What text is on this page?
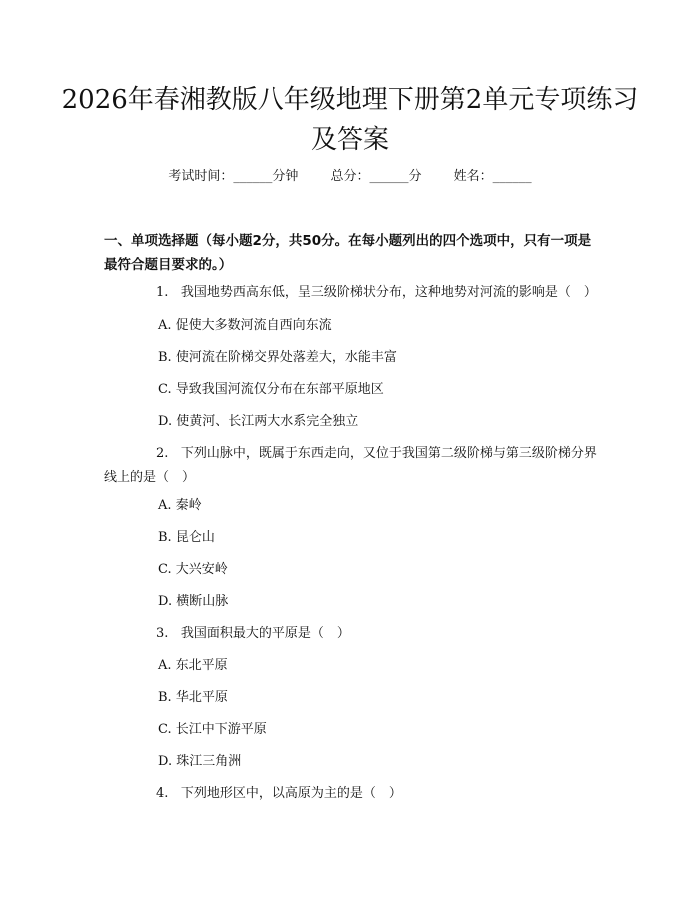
2026年春湘教版八年级地理下册第2单元专项练习及答案
考试时间：______分钟 总分：______分 姓名：______

一、单项选择题（每小题2分，共50分。在每小题列出的四个选项中，只有一项是最符合题目要求的。）

1. 我国地势西高东低，呈三级阶梯状分布，这种地势对河流的影响是（　）
A. 促使大多数河流自西向东流
B. 使河流在阶梯交界处落差大，水能丰富
C. 导致我国河流仅分布在东部平原地区
D. 使黄河、长江两大水系完全独立
2. 下列山脉中，既属于东西走向，又位于我国第二级阶梯与第三级阶梯分界线上的是（　）
A. 秦岭
B. 昆仑山
C. 大兴安岭
D. 横断山脉
3. 我国面积最大的平原是（　）
A. 东北平原
B. 华北平原
C. 长江中下游平原
D. 珠江三角洲
4. 下列地形区中，以高原为主的是（　）
